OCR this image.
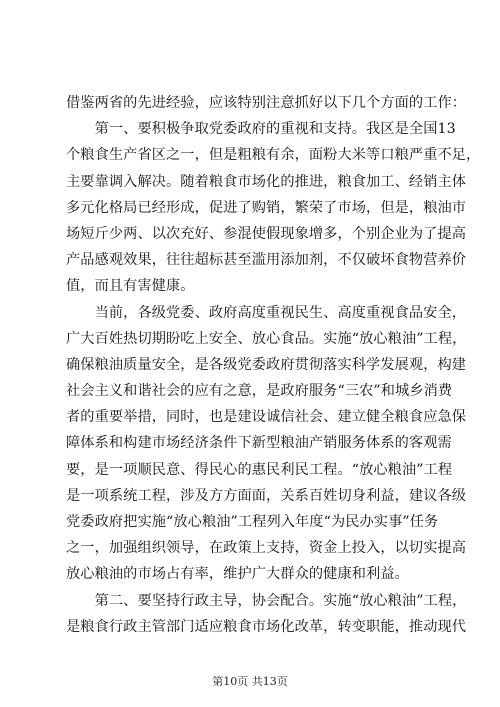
借鉴两省的先进经验，应该特别注意抓好以下几个方面的工作：
　　第一、要积极争取党委政府的重视和支持。我区是全国13
个粮食生产省区之一，但是粗粮有余，面粉大米等口粮严重不足，
主要靠调入解决。随着粮食市场化的推进，粮食加工、经销主体
多元化格局已经形成，促进了购销，繁荣了市场，但是，粮油市
场短斤少两、以次充好、参混使假现象增多，个别企业为了提高
产品感观效果，往往超标甚至滥用添加剂，不仅破坏食物营养价
值，而且有害健康。
　　当前，各级党委、政府高度重视民生、高度重视食品安全，
广大百姓热切期盼吃上安全、放心食品。实施“放心粮油”工程，
确保粮油质量安全，是各级党委政府贯彻落实科学发展观，构建
社会主义和谐社会的应有之意，是政府服务“三农”和城乡消费
者的重要举措，同时，也是建设诚信社会、建立健全粮食应急保
障体系和构建市场经济条件下新型粮油产销服务体系的客观需
要，是一项顺民意、得民心的惠民利民工程。“放心粮油”工程
是一项系统工程，涉及方方面面，关系百姓切身利益，建议各级
党委政府把实施“放心粮油”工程列入年度“为民办实事”任务
之一，加强组织领导，在政策上支持，资金上投入，以切实提高
放心粮油的市场占有率，维护广大群众的健康和利益。
　　第二、要坚持行政主导，协会配合。实施“放心粮油”工程，
是粮食行政主管部门适应粮食市场化改革，转变职能，推动现代
第10页 共13页
